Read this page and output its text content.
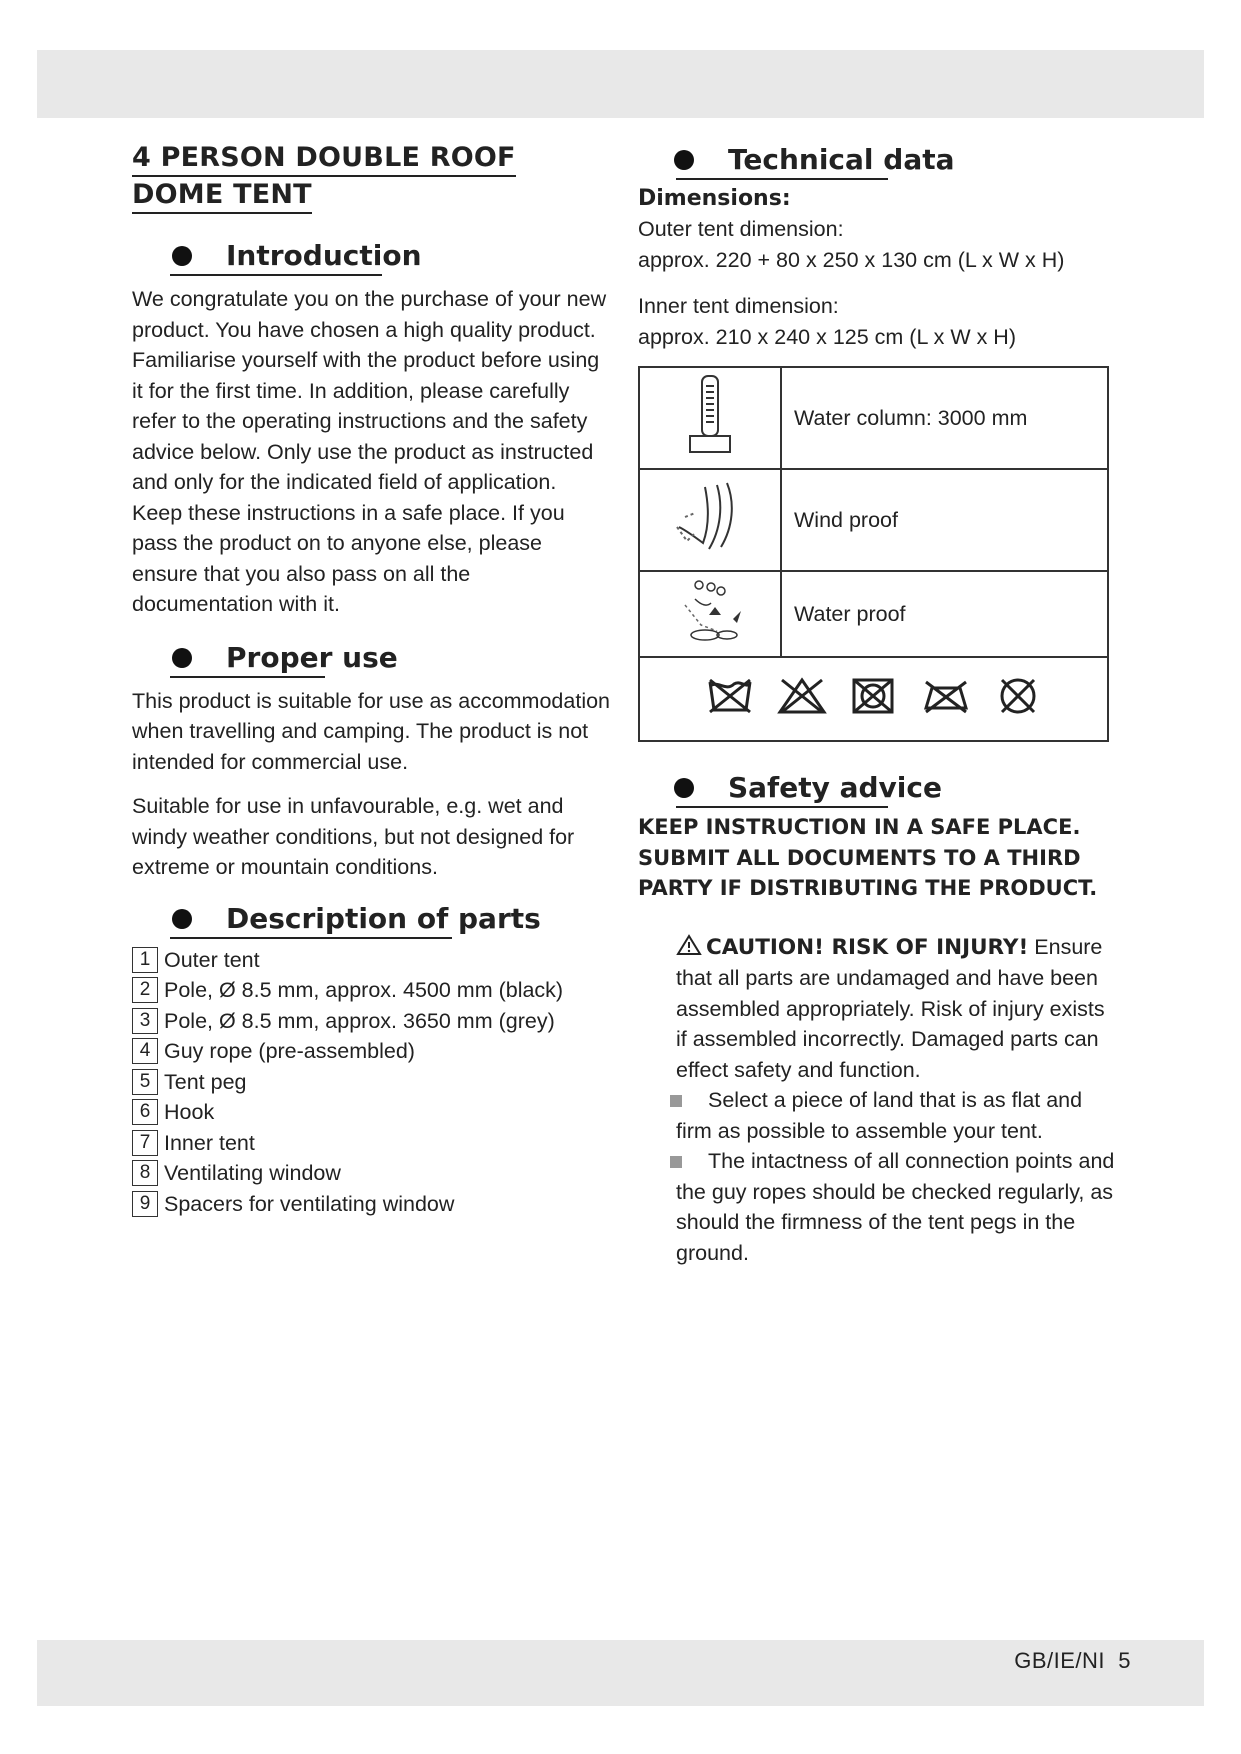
4 PERSON DOUBLE ROOF
DOME TENT
Introduction

We congratulate you on the purchase of your new product. You have chosen a high quality product. Familiarise yourself with the product before using it for the first time. In addition, please carefully refer to the operating instructions and the safety advice below. Only use the product as instructed and only for the indicated field of application. Keep these instructions in a safe place. If you pass the product on to anyone else, please ensure that you also pass on all the documentation with it.

Proper use

This product is suitable for use as accommodation when travelling and camping. The product is not intended for commercial use.

Suitable for use in unfavourable, e.g. wet and windy weather conditions, but not designed for extreme or mountain conditions.

Description of parts
1 Outer tent
2 Pole, Ø 8.5 mm, approx. 4500 mm (black)
3 Pole, Ø 8.5 mm, approx. 3650 mm (grey)
4 Guy rope (pre-assembled)
5 Tent peg
6 Hook
7 Inner tent
8 Ventilating window
9 Spacers for ventilating window
Technical data

Dimensions:

Outer tent dimension:

approx. 220 + 80 x 250 x 130 cm (L x W x H)

Inner tent dimension:

approx. 210 x 240 x 125 cm (L x W x H)

	Water column: 3000 mm
	Wind proof
	Water proof

Safety advice

KEEP INSTRUCTION IN A SAFE PLACE. SUBMIT ALL DOCUMENTS TO A THIRD PARTY IF DISTRIBUTING THE PRODUCT.

CAUTION! RISK OF INJURY! Ensure that all parts are undamaged and have been assembled appropriately. Risk of injury exists if assembled incorrectly. Damaged parts can effect safety and function.

Select a piece of land that is as flat and firm as possible to assemble your tent.

The intactness of all connection points and the guy ropes should be checked regularly, as should the firmness of the tent pegs in the ground.

GB/IE/NI 5
